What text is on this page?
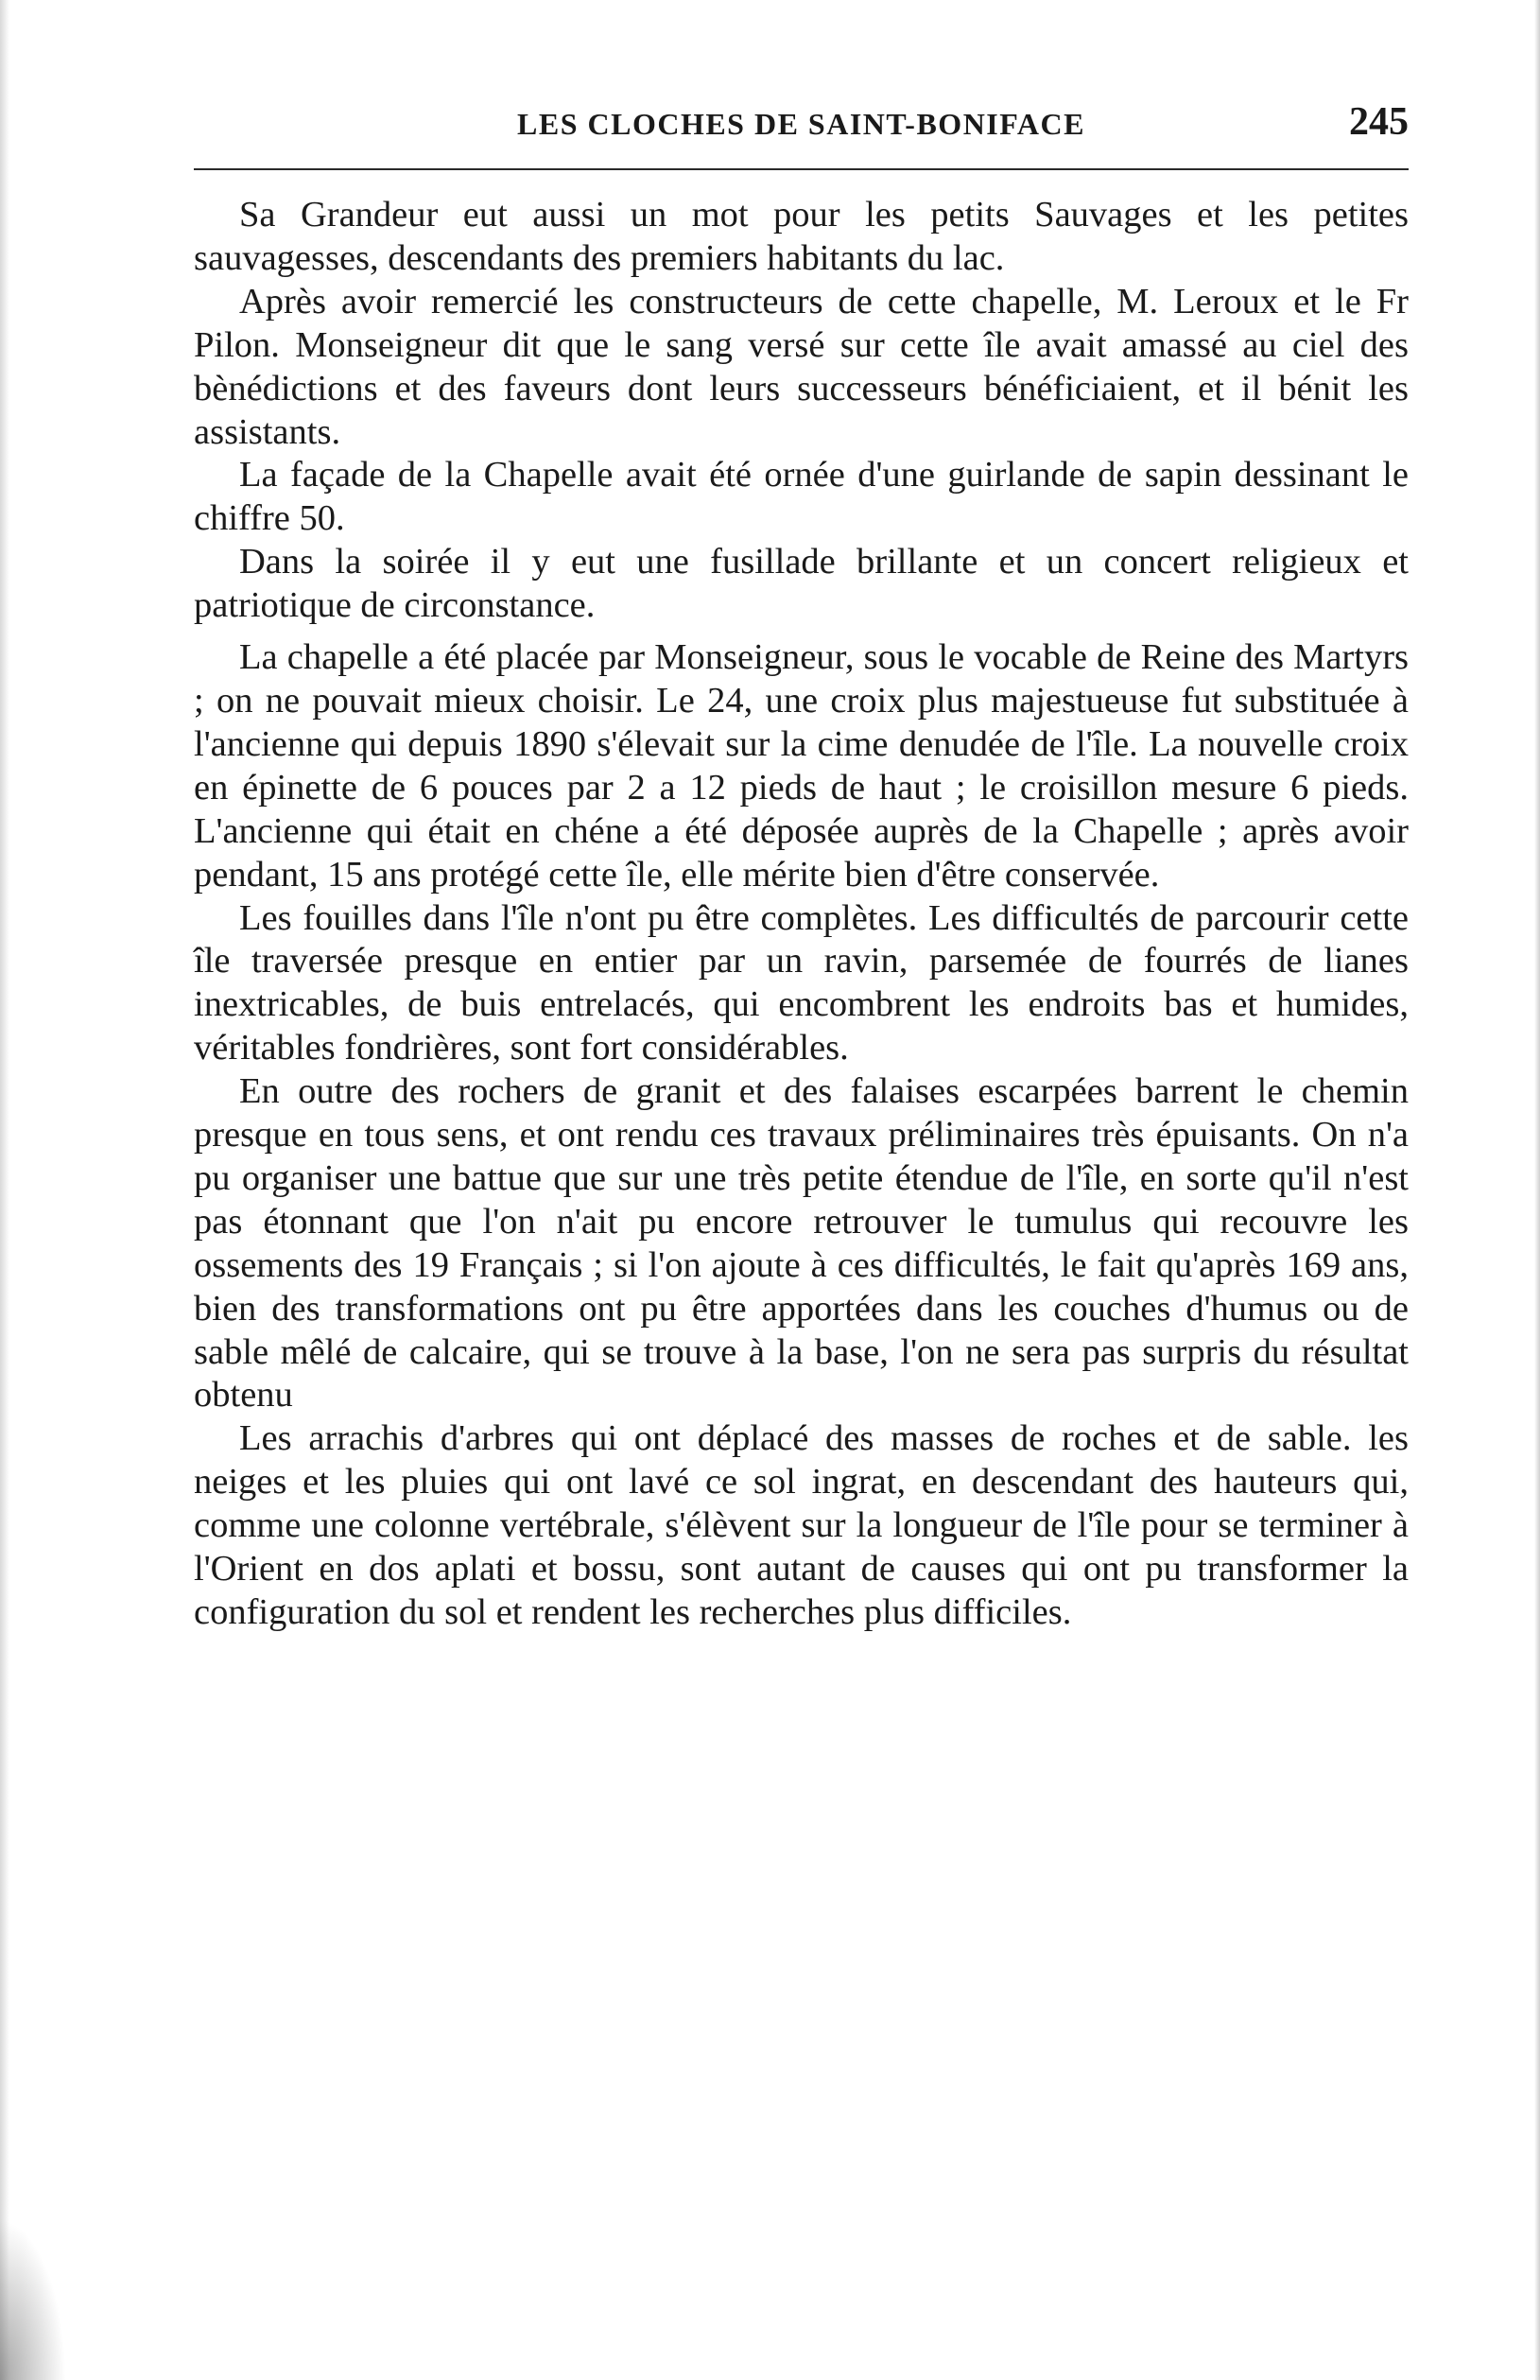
LES CLOCHES DE SAINT-BONIFACE	245

Sa Grandeur eut aussi un mot pour les petits Sauvages et les petites sauvagesses, descendants des premiers habitants du lac.

Après avoir remercié les constructeurs de cette chapelle, M. Leroux et le Fr Pilon. Monseigneur dit que le sang versé sur cette île avait amassé au ciel des bènédictions et des faveurs dont leurs successeurs bénéficiaient, et il bénit les assistants.

La façade de la Chapelle avait été ornée d'une guirlande de sapin dessinant le chiffre 50.

Dans la soirée il y eut une fusillade brillante et un concert religieux et patriotique de circonstance.

La chapelle a été placée par Monseigneur, sous le vocable de Reine des Martyrs ; on ne pouvait mieux choisir. Le 24, une croix plus majestueuse fut substituée à l'ancienne qui depuis 1890 s'élevait sur la cime denudée de l'île. La nouvelle croix en épinette de 6 pouces par 2 a 12 pieds de haut ; le croisillon mesure 6 pieds. L'ancienne qui était en chéne a été déposée auprès de la Chapelle ; après avoir pendant, 15 ans protégé cette île, elle mérite bien d'être conservée.

Les fouilles dans l'île n'ont pu être complètes. Les difficultés de parcourir cette île traversée presque en entier par un ravin, parsemée de fourrés de lianes inextricables, de buis entrelacés, qui encombrent les endroits bas et humides, véritables fondrières, sont fort considérables.

En outre des rochers de granit et des falaises escarpées barrent le chemin presque en tous sens, et ont rendu ces travaux préliminaires très épuisants. On n'a pu organiser une battue que sur une très petite étendue de l'île, en sorte qu'il n'est pas étonnant que l'on n'ait pu encore retrouver le tumulus qui recouvre les ossements des 19 Français ; si l'on ajoute à ces difficultés, le fait qu'après 169 ans, bien des transformations ont pu être apportées dans les couches d'humus ou de sable mêlé de calcaire, qui se trouve à la base, l'on ne sera pas surpris du résultat obtenu

Les arrachis d'arbres qui ont déplacé des masses de roches et de sable. les neiges et les pluies qui ont lavé ce sol ingrat, en descendant des hauteurs qui, comme une colonne vertébrale, s'élèvent sur la longueur de l'île pour se terminer à l'Orient en dos aplati et bossu, sont autant de causes qui ont pu transformer la configuration du sol et rendent les recherches plus difficiles.
